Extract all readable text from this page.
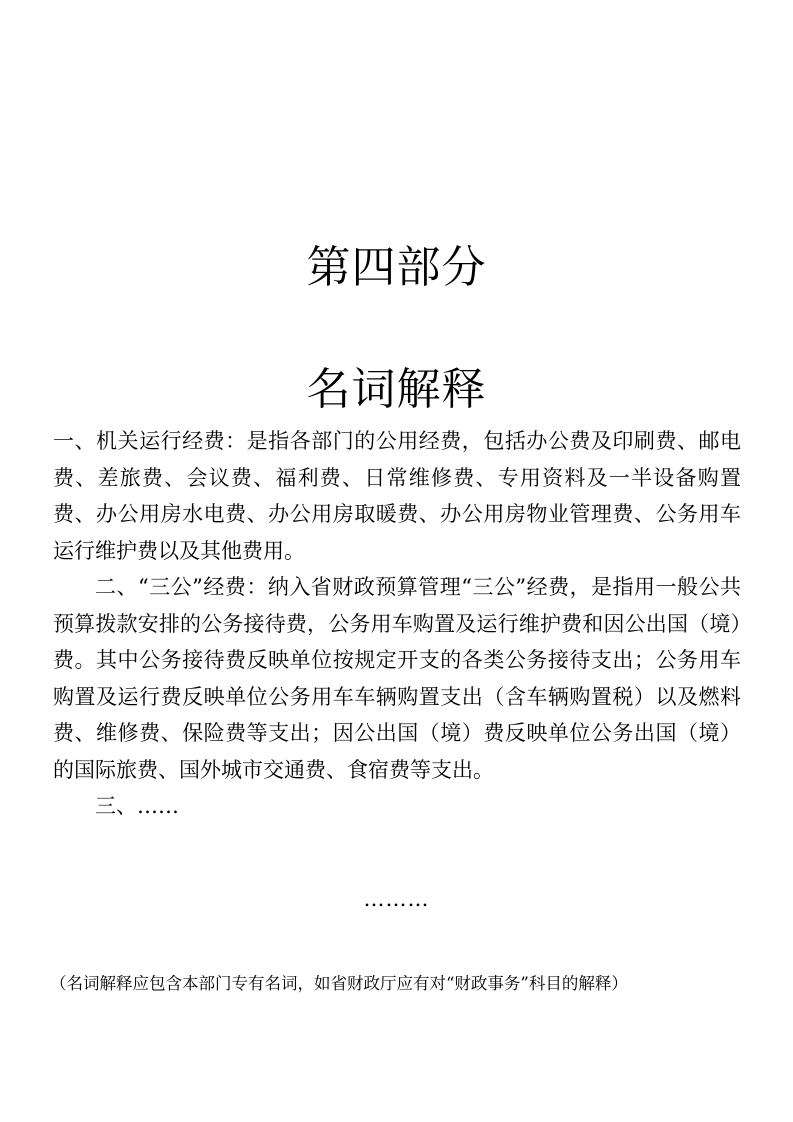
第四部分
名词解释

一、机关运行经费：是指各部门的公用经费，包括办公费及印刷费、邮电费、差旅费、会议费、福利费、日常维修费、专用资料及一半设备购置费、办公用房水电费、办公用房取暖费、办公用房物业管理费、公务用车运行维护费以及其他费用。

二、“三公”经费：纳入省财政预算管理“三公”经费，是指用一般公共预算拨款安排的公务接待费，公务用车购置及运行维护费和因公出国（境）费。其中公务接待费反映单位按规定开支的各类公务接待支出；公务用车购置及运行费反映单位公务用车车辆购置支出（含车辆购置税）以及燃料费、维修费、保险费等支出；因公出国（境）费反映单位公务出国（境）的国际旅费、国外城市交通费、食宿费等支出。

三、……

………
（名词解释应包含本部门专有名词，如省财政厅应有对“财政事务”科目的解释）
